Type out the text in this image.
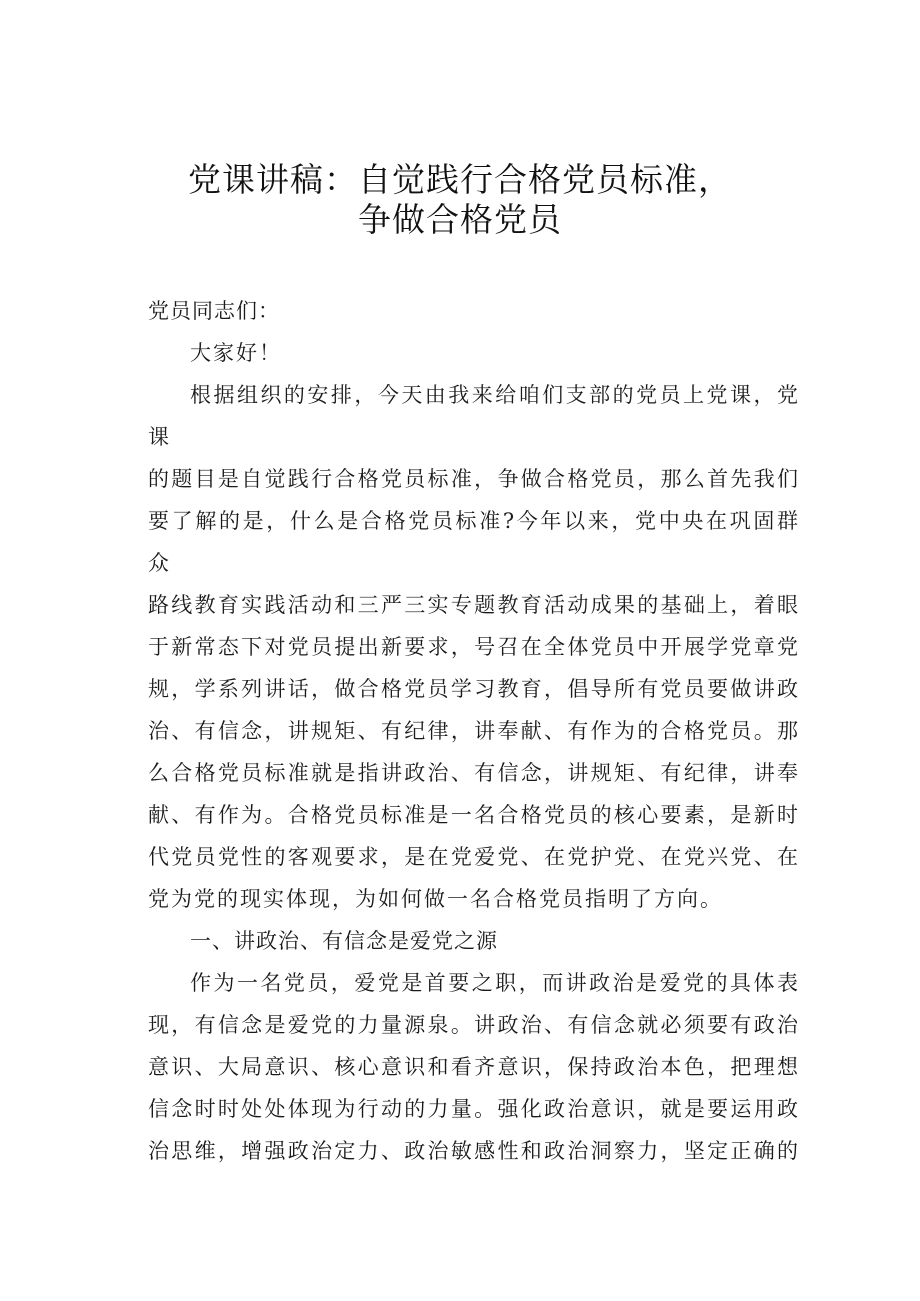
党课讲稿：自觉践行合格党员标准，
争做合格党员
党员同志们：
大家好！
根据组织的安排，今天由我来给咱们支部的党员上党课，党课
的题目是自觉践行合格党员标准，争做合格党员，那么首先我们
要了解的是，什么是合格党员标准?今年以来，党中央在巩固群众
路线教育实践活动和三严三实专题教育活动成果的基础上，着眼
于新常态下对党员提出新要求，号召在全体党员中开展学党章党
规，学系列讲话，做合格党员学习教育，倡导所有党员要做讲政
治、有信念，讲规矩、有纪律，讲奉献、有作为的合格党员。那
么合格党员标准就是指讲政治、有信念，讲规矩、有纪律，讲奉
献、有作为。合格党员标准是一名合格党员的核心要素，是新时
代党员党性的客观要求，是在党爱党、在党护党、在党兴党、在
党为党的现实体现，为如何做一名合格党员指明了方向。
一、讲政治、有信念是爱党之源
作为一名党员，爱党是首要之职，而讲政治是爱党的具体表
现，有信念是爱党的力量源泉。讲政治、有信念就必须要有政治
意识、大局意识、核心意识和看齐意识，保持政治本色，把理想
信念时时处处体现为行动的力量。强化政治意识，就是要运用政
治思维，增强政治定力、政治敏感性和政治洞察力，坚定正确的
